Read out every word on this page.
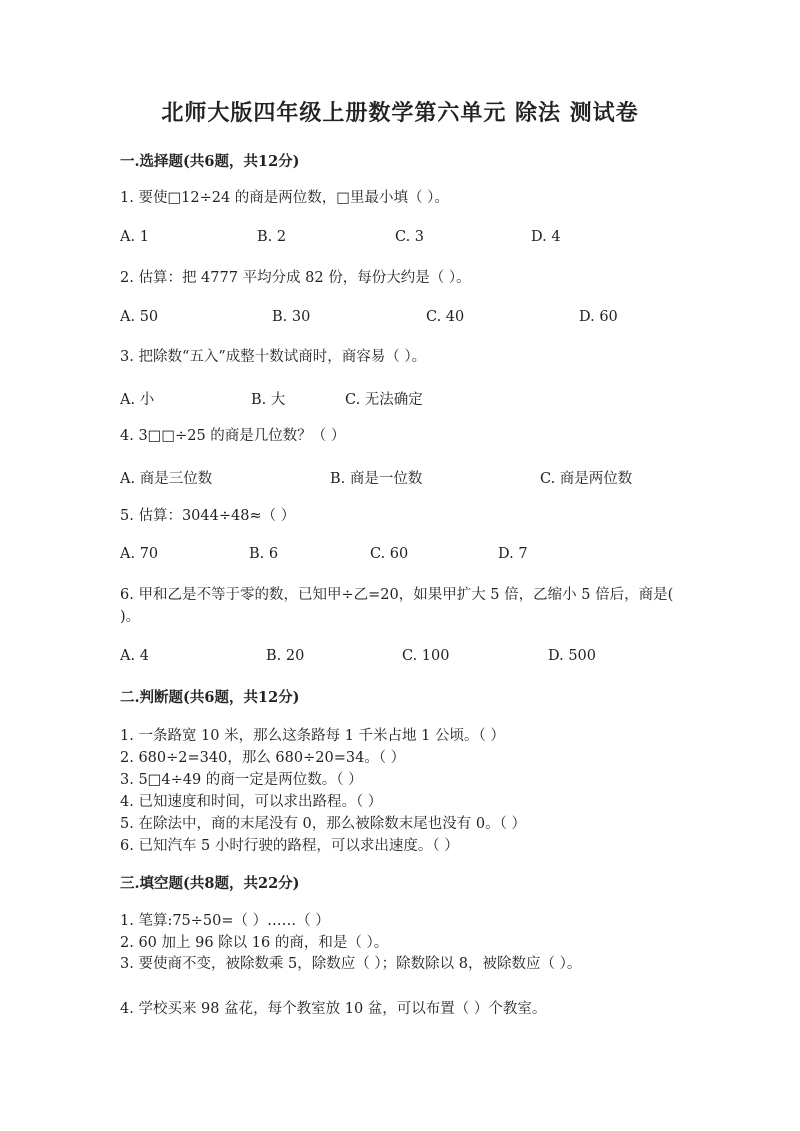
北师大版四年级上册数学第六单元 除法 测试卷
一.选择题(共6题，共12分)
1. 要使□12÷24 的商是两位数，□里最小填（ ）。
A. 1	B. 2	C. 3	D. 4
2. 估算：把 4777 平均分成 82 份，每份大约是（ ）。
A. 50	B. 30	C. 40	D. 60
3. 把除数“五入”成整十数试商时，商容易（ ）。
A. 小	B. 大	C. 无法确定
4. 3□□÷25 的商是几位数？（ ）
A. 商是三位数	B. 商是一位数	C. 商是两位数
5. 估算：3044÷48≈（ ）
A. 70	B. 6	C. 60	D. 7
6. 甲和乙是不等于零的数，已知甲÷乙=20，如果甲扩大 5 倍，乙缩小 5 倍后，商是( )。
A. 4	B. 20	C. 100	D. 500
二.判断题(共6题，共12分)
1. 一条路宽 10 米，那么这条路每 1 千米占地 1 公顷。（ ）
2. 680÷2=340，那么 680÷20=34。（ ）
3. 5□4÷49 的商一定是两位数。（ ）
4. 已知速度和时间，可以求出路程。（ ）
5. 在除法中，商的末尾没有 0，那么被除数末尾也没有 0。（ ）
6. 已知汽车 5 小时行驶的路程，可以求出速度。（ ）
三.填空题(共8题，共22分)
1. 笔算:75÷50=（ ）……（ ）
2. 60 加上 96 除以 16 的商，和是（ ）。
3. 要使商不变，被除数乘 5，除数应（ ）；除数除以 8，被除数应（ ）。
4. 学校买来 98 盆花，每个教室放 10 盆，可以布置（ ）个教室。
